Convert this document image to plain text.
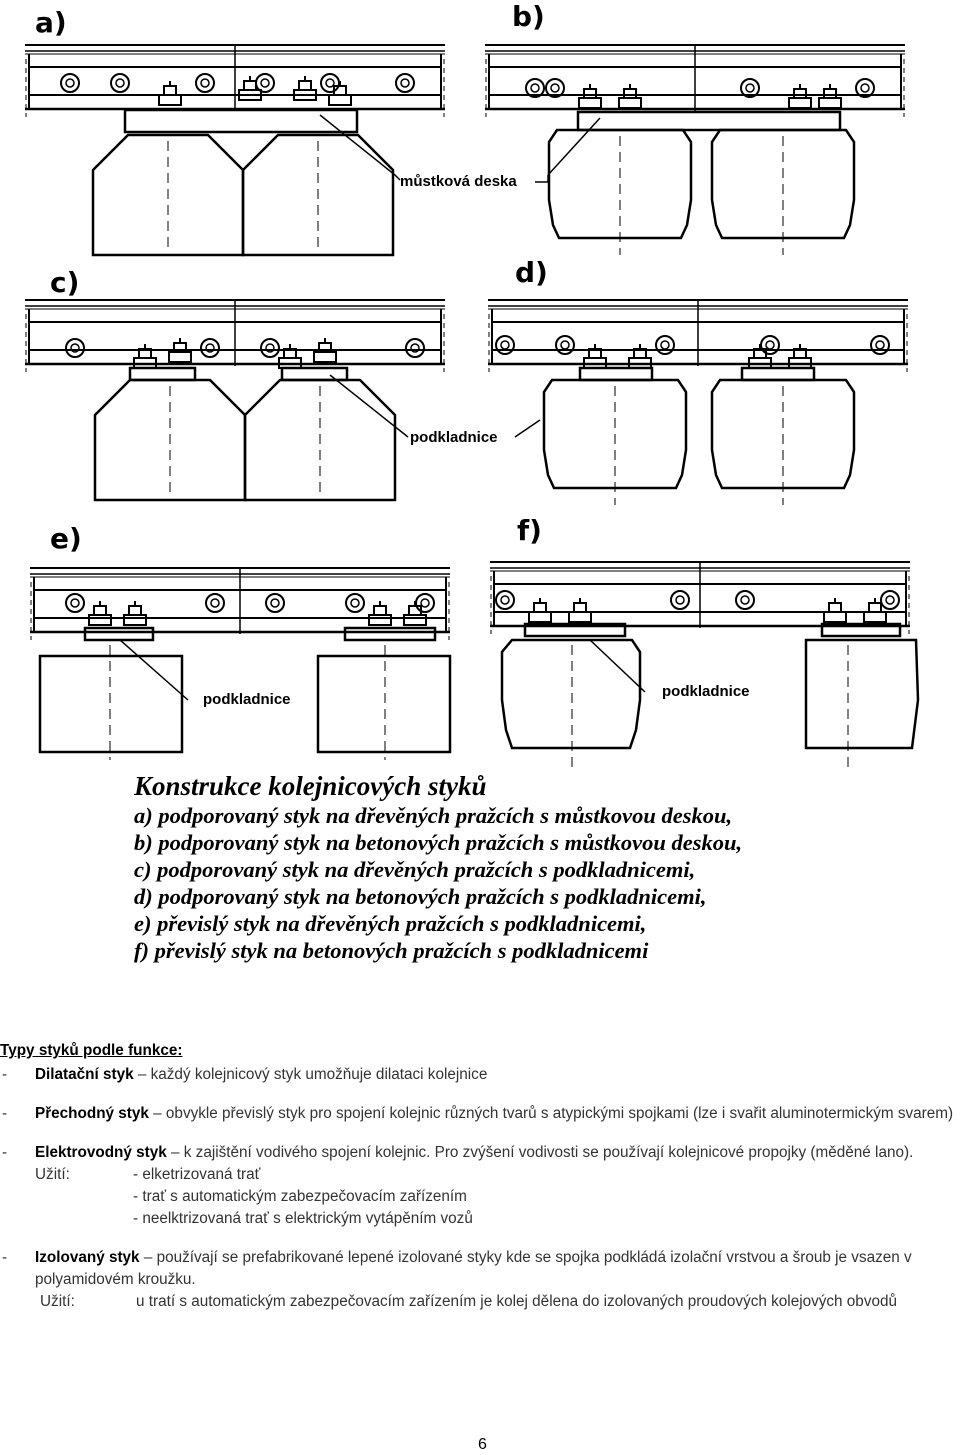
a)	b)
c)	d)
e)	f)
můstková deska
podkladnice
podkladnice	podkladnice
Konstrukce kolejnicových styků
a) podporovaný styk na dřevěných pražcích s můstkovou deskou,
b) podporovaný styk na betonových pražcích s můstkovou deskou,
c) podporovaný styk na dřevěných pražcích s podkladnicemi,
d) podporovaný styk na betonových pražcích s podkladnicemi,
e) převislý styk na dřevěných pražcích s podkladnicemi,
f) převislý styk na betonových pražcích s podkladnicemi
Typy styků podle funkce:
- Dilatační styk – každý kolejnicový styk umožňuje dilataci kolejnice
- Přechodný styk – obvykle převislý styk pro spojení kolejnic různých tvarů s atypickými spojkami (lze i svařit aluminotermickým svarem)
- Elektrovodný styk – k zajištění vodivého spojení kolejnic. Pro zvýšení vodivosti se používají kolejnicové propojky (měděné lano).
Užití:	- elketrizovaná trať
- trať s automatickým zabezpečovacím zařízením
- neelktrizovaná trať s elektrickým vytápěním vozů
- Izolovaný styk – používají se prefabrikované lepené izolované styky kde se spojka podkládá izolační vrstvou a šroub je vsazen v polyamidovém kroužku.
Užití:	u tratí s automatickým zabezpečovacím zařízením je kolej dělena do izolovaných proudových kolejových obvodů
6
